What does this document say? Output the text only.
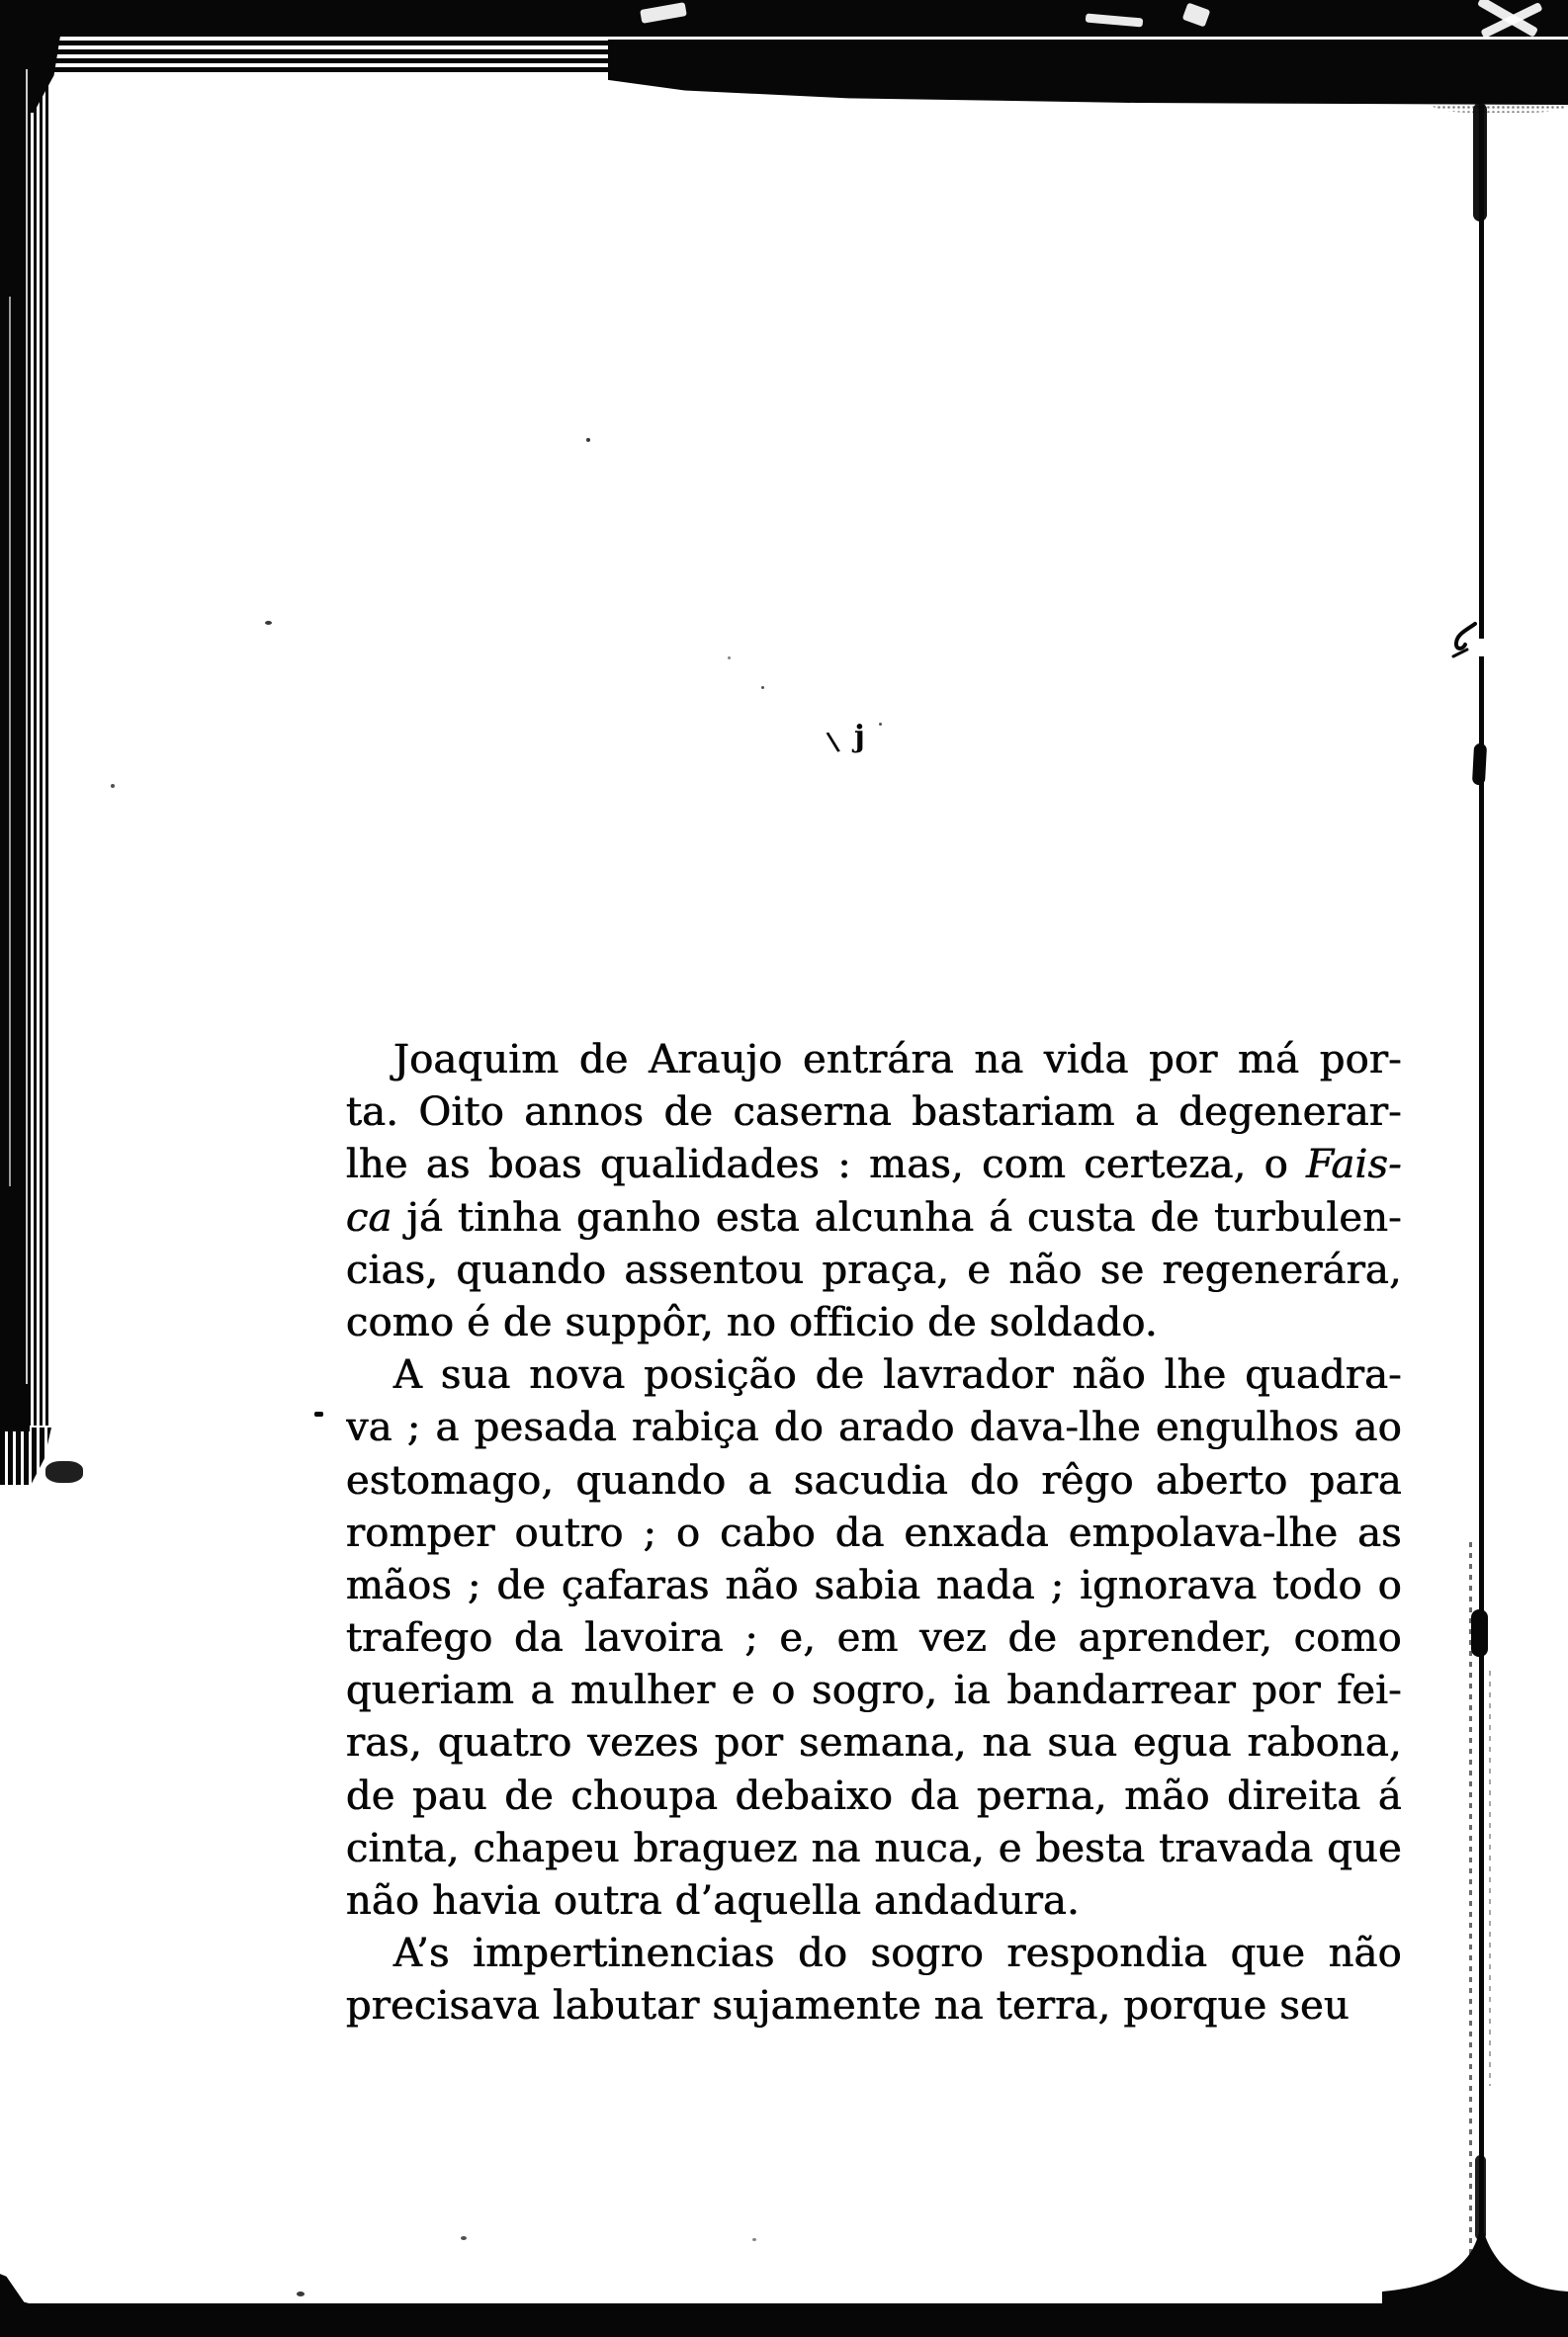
\ j
Joaquim de Araujo entrára na vida por má por-
ta. Oito annos de caserna bastariam a degenerar-
lhe as boas qualidades : mas, com certeza, o Fais-
ca já tinha ganho esta alcunha á custa de turbulen-
cias, quando assentou praça, e não se regenerára,
como é de suppôr, no officio de soldado.
A sua nova posição de lavrador não lhe quadra-
va ; a pesada rabiça do arado dava-lhe engulhos ao
estomago, quando a sacudia do rêgo aberto para
romper outro ; o cabo da enxada empolava-lhe as
mãos ; de çafaras não sabia nada ; ignorava todo o
trafego da lavoira ; e, em vez de aprender, como
queriam a mulher e o sogro, ia bandarrear por fei-
ras, quatro vezes por semana, na sua egua rabona,
de pau de choupa debaixo da perna, mão direita á
cinta, chapeu braguez na nuca, e besta travada que
não havia outra d’aquella andadura.
A’s impertinencias do sogro respondia que não
precisava labutar sujamente na terra, porque seu
